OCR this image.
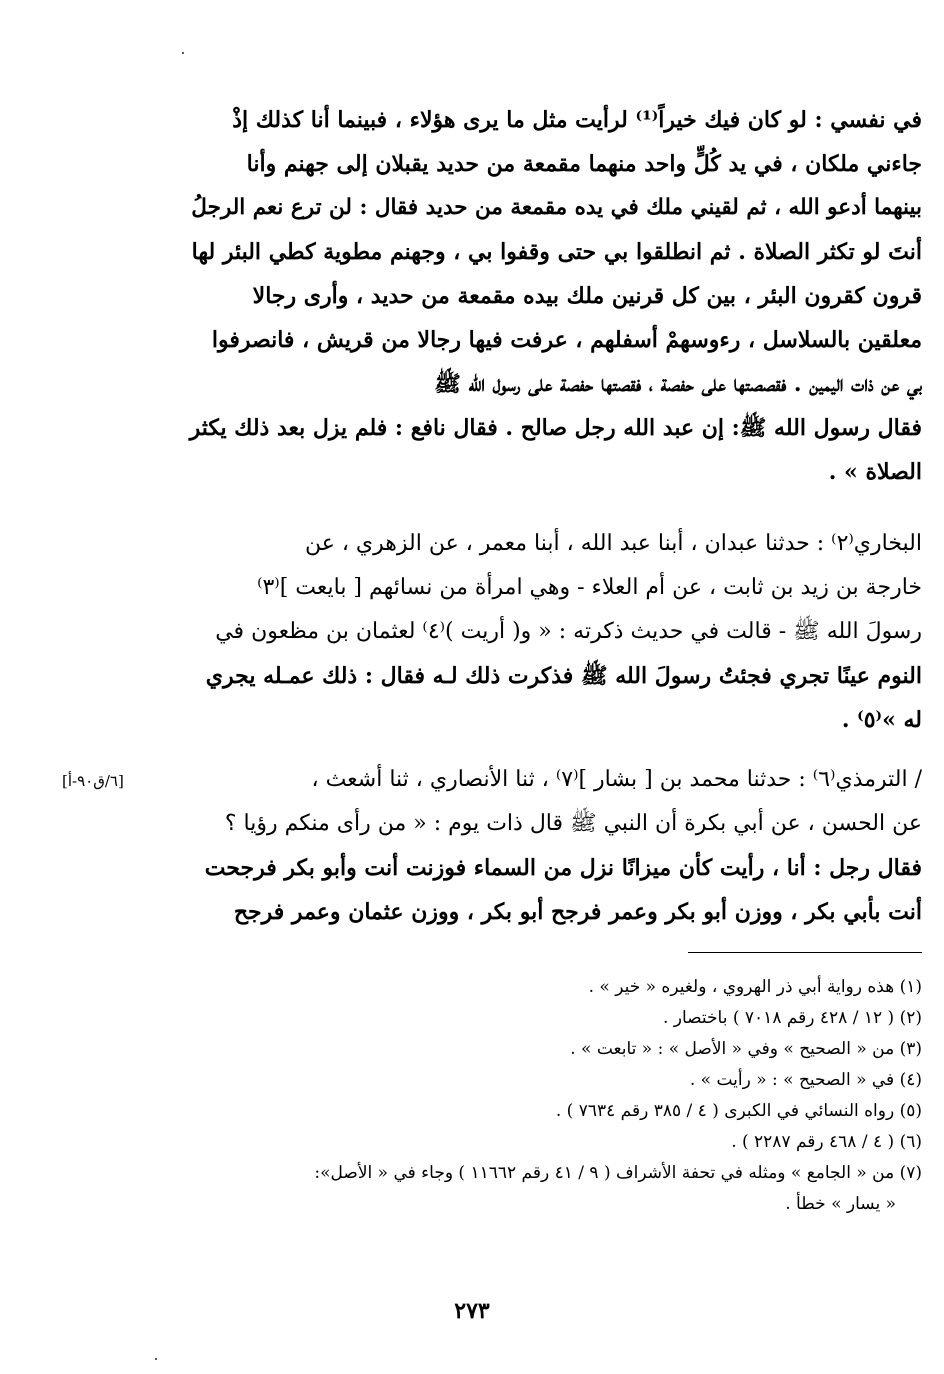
في نفسي : لو كان فيك خيراً⁽¹⁾ لرأيت مثل ما يرى هؤلاء ، فبينما أنا كذلك إذْ
جاءني ملكان ، في يد كُلٍّ واحد منهما مقمعة من حديد يقبلان إلى جهنم وأنا
بينهما أدعو الله ، ثم لقيني ملك في يده مقمعة من حديد فقال : لن ترع نعم الرجلُ
أنتَ لو تكثر الصلاة . ثم انطلقوا بي حتى وقفوا بي ، وجهنم مطوية كطي البئر لها
قرون كقرون البئر ، بين كل قرنين ملك بيده مقمعة من حديد ، وأرى رجالا
معلقين بالسلاسل ، رءوسهمْ أسفلهم ، عرفت فيها رجالا من قريش ، فانصرفوا
بي عن ذات اليمين . فقصصتها على حفصة ، فقصتها حفصة على رسول الله ﷺ
فقال رسول الله ﷺ: إن عبد الله رجل صالح . فقال نافع : فلم يزل بعد ذلك يكثر
الصلاة » .
البخاري⁽٢⁾ : حدثنا عبدان ، أبنا عبد الله ، أبنا معمر ، عن الزهري ، عن
خارجة بن زيد بن ثابت ، عن أم العلاء - وهي امرأة من نسائهم [ بايعت ]⁽٣⁾
رسولَ الله ﷺ - قالت في حديث ذكرته : « و( أريت )⁽٤⁾ لعثمان بن مظعون في
النوم عينًا تجري فجئتُ رسولَ الله ﷺ فذكرت ذلك لـه فقال : ذلك عمـله يجري
له »⁽٥⁾ .
[٦/ق٩٠-أ]	/ الترمذي⁽٦⁾ : حدثنا محمد بن [ بشار ]⁽٧⁾ ، ثنا الأنصاري ، ثنا أشعث ،
عن الحسن ، عن أبي بكرة أن النبي ﷺ قال ذات يوم : « من رأى منكم رؤيا ؟
فقال رجل : أنا ، رأيت كأن ميزانًا نزل من السماء فوزنت أنت وأبو بكر فرجحت
أنت بأبي بكر ، ووزن أبو بكر وعمر فرجح أبو بكر ، ووزن عثمان وعمر فرجح
(١) هذه رواية أبي ذر الهروي ، ولغيره « خير » .
(٢) ( ١٢ / ٤٢٨ رقم ٧٠١٨ ) باختصار .
(٣) من « الصحيح » وفي « الأصل » : « تابعت » .
(٤) في « الصحيح » : « رأيت » .
(٥) رواه النسائي في الكبرى ( ٤ / ٣٨٥ رقم ٧٦٣٤ ) .
(٦) ( ٤ / ٤٦٨ رقم ٢٢٨٧ ) .
(٧) من « الجامع » ومثله في تحفة الأشراف ( ٩ / ٤١ رقم ١١٦٦٢ ) وجاء في « الأصل»:
« يسار » خطأ .
٢٧٣
